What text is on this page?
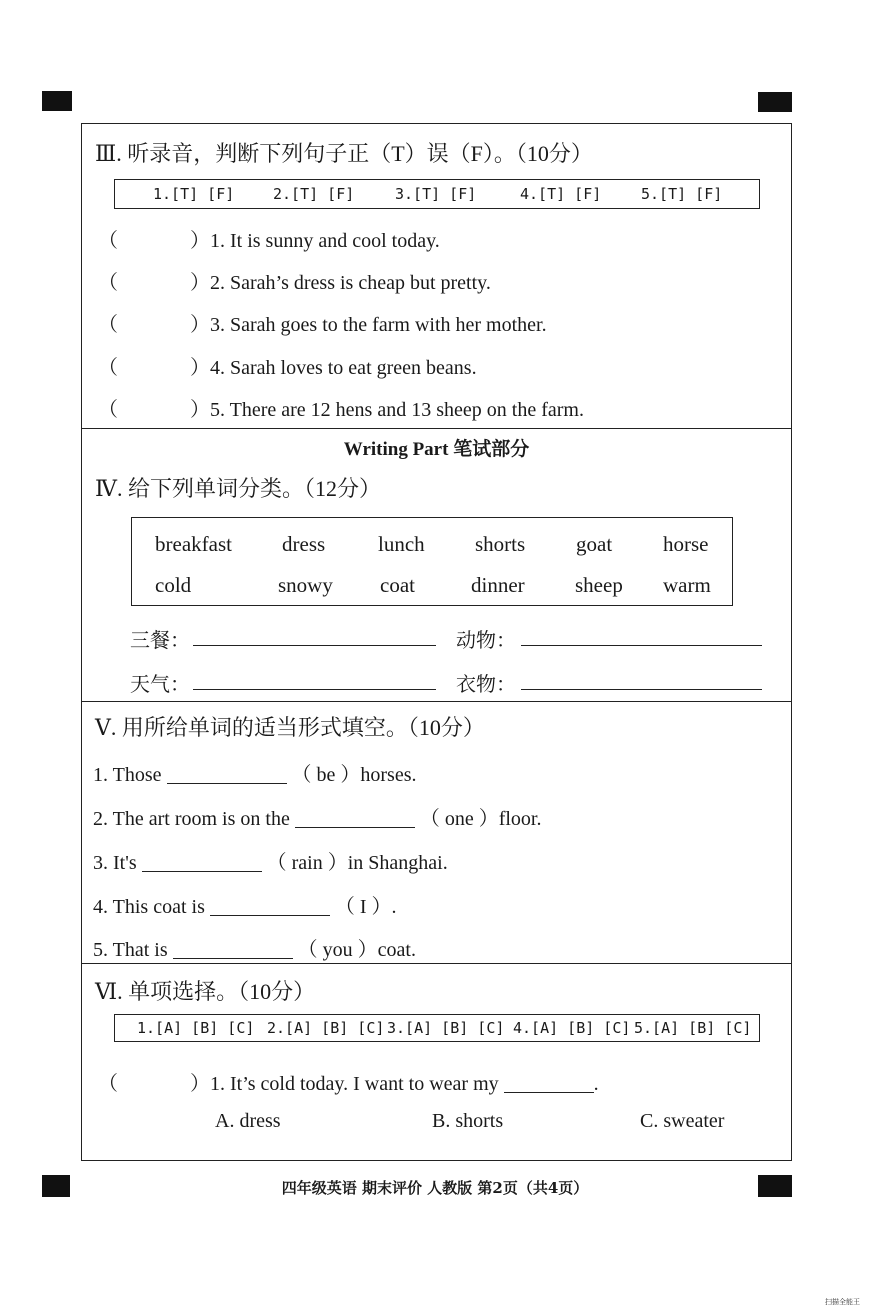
Ⅲ. 听录音，判断下列句子正（T）误（F）。（10分）
1.[T] [F]	2.[T] [F]	3.[T] [F]	4.[T] [F]	5.[T] [F]
（	）1. It is sunny and cool today.
（	）2. Sarah’s dress is cheap but pretty.
（	）3. Sarah goes to the farm with her mother.
（	）4. Sarah loves to eat green beans.
（	）5. There are 12 hens and 13 sheep on the farm.
Writing Part 笔试部分
Ⅳ. 给下列单词分类。（12分）
breakfast dress	lunch shorts goat horse
cold	snowy coat	dinner sheep warm
三餐：	动物：
天气：	衣物：
Ⅴ. 用所给单词的适当形式填空。（10分）
1. Those	（ be ）horses.
2. The art room is on the	（ one ）floor.
3. It's	（ rain ）in Shanghai.
4. This coat is	（ I ）.
5. That is	（ you ）coat.
Ⅵ. 单项选择。（10分）
1.[A] [B] [C] 2.[A] [B] [C] 3.[A] [B] [C] 4.[A] [B] [C] 5.[A] [B] [C]
（	）1. It’s cold today. I want to wear my	.
A. dress	B. shorts	C. sweater
四年级英语 期末评价 人教版 第2页（共4页）
扫描全能王
